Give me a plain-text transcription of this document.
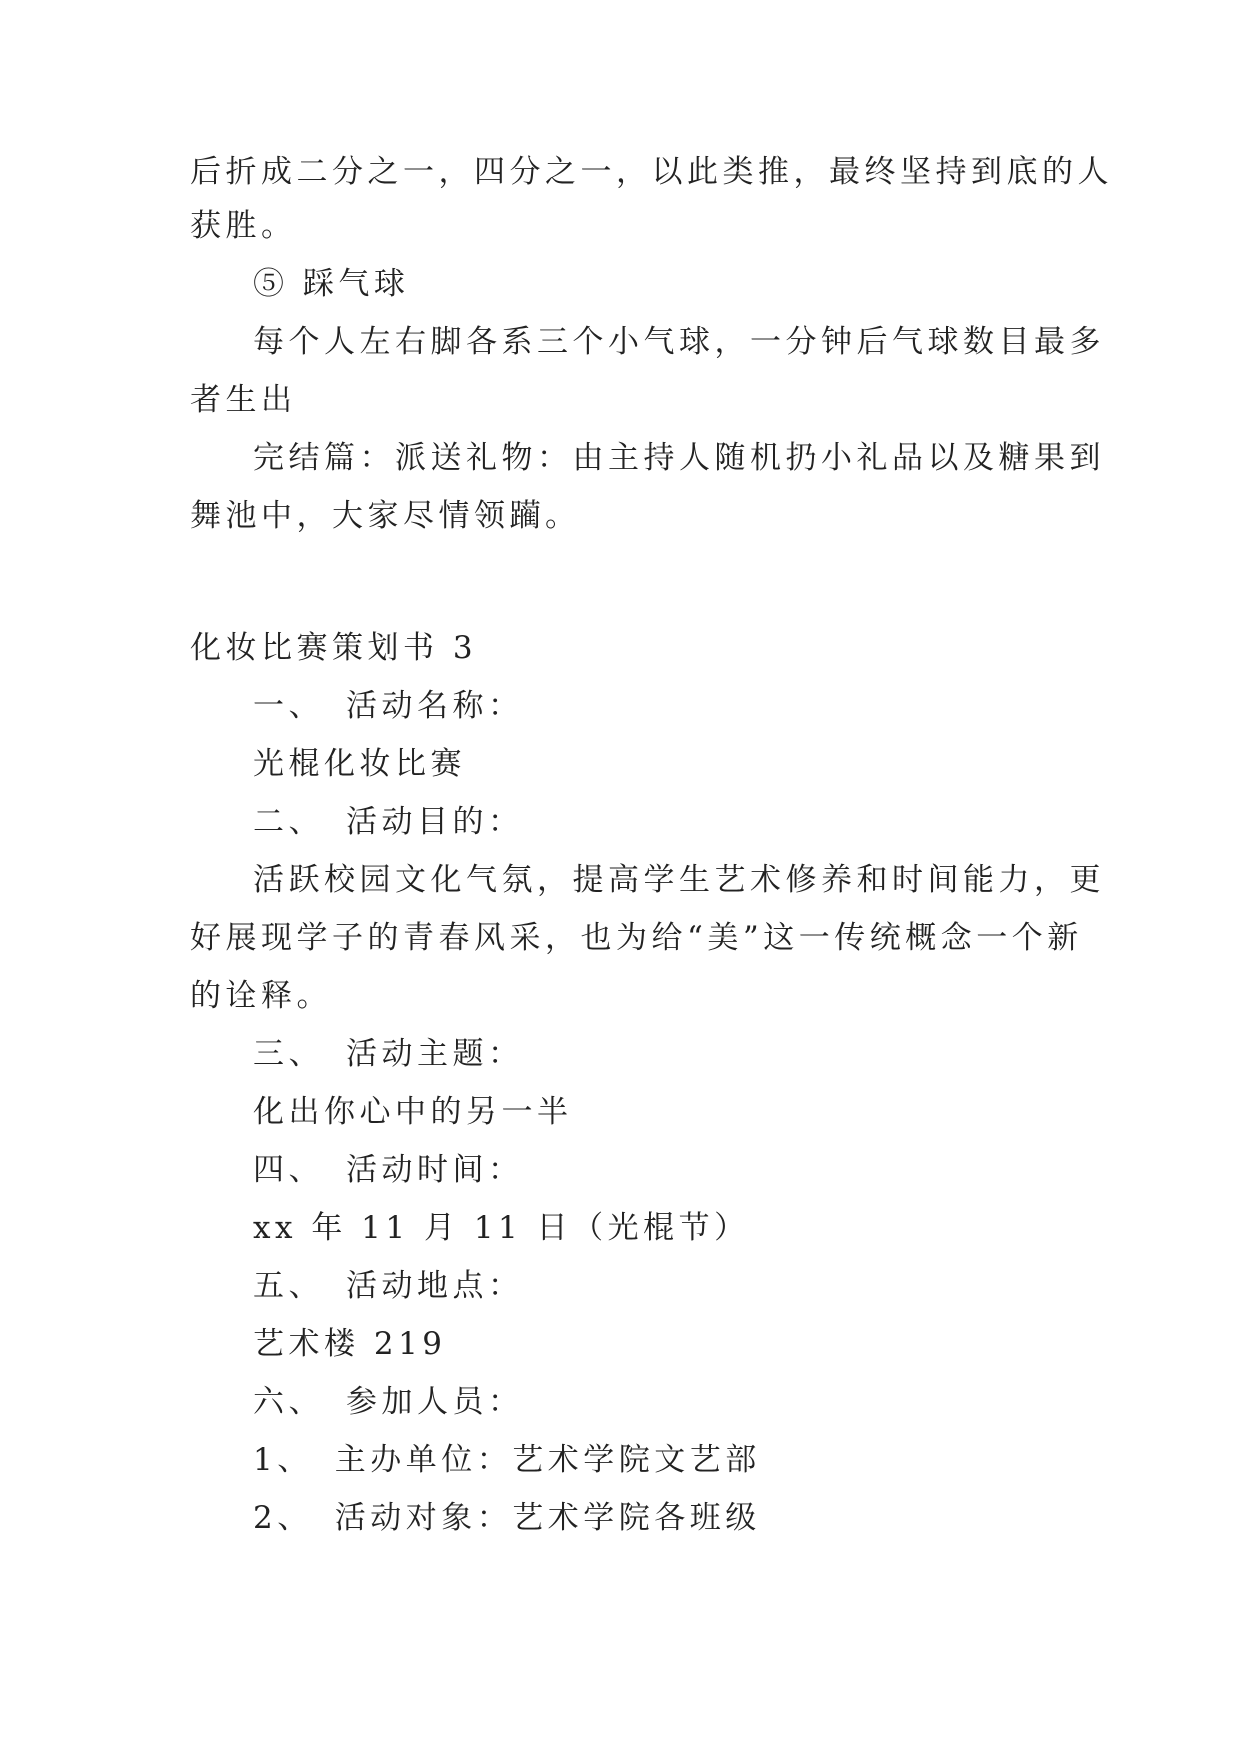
后折成二分之一，四分之一，以此类推，最终坚持到底的人
获胜。
⑤ 踩气球
每个人左右脚各系三个小气球，一分钟后气球数目最多
者生出
完结篇：派送礼物：由主持人随机扔小礼品以及糖果到
舞池中，大家尽情领躏。
化妆比赛策划书 3
一、 活动名称：
光棍化妆比赛
二、 活动目的：
活跃校园文化气氛，提高学生艺术修养和时间能力，更
好展现学子的青春风采，也为给“美”这一传统概念一个新
的诠释。
三、 活动主题：
化出你心中的另一半
四、 活动时间：
xx 年 11 月 11 日（光棍节）
五、 活动地点：
艺术楼 219
六、 参加人员：
1、 主办单位：艺术学院文艺部
2、 活动对象：艺术学院各班级
